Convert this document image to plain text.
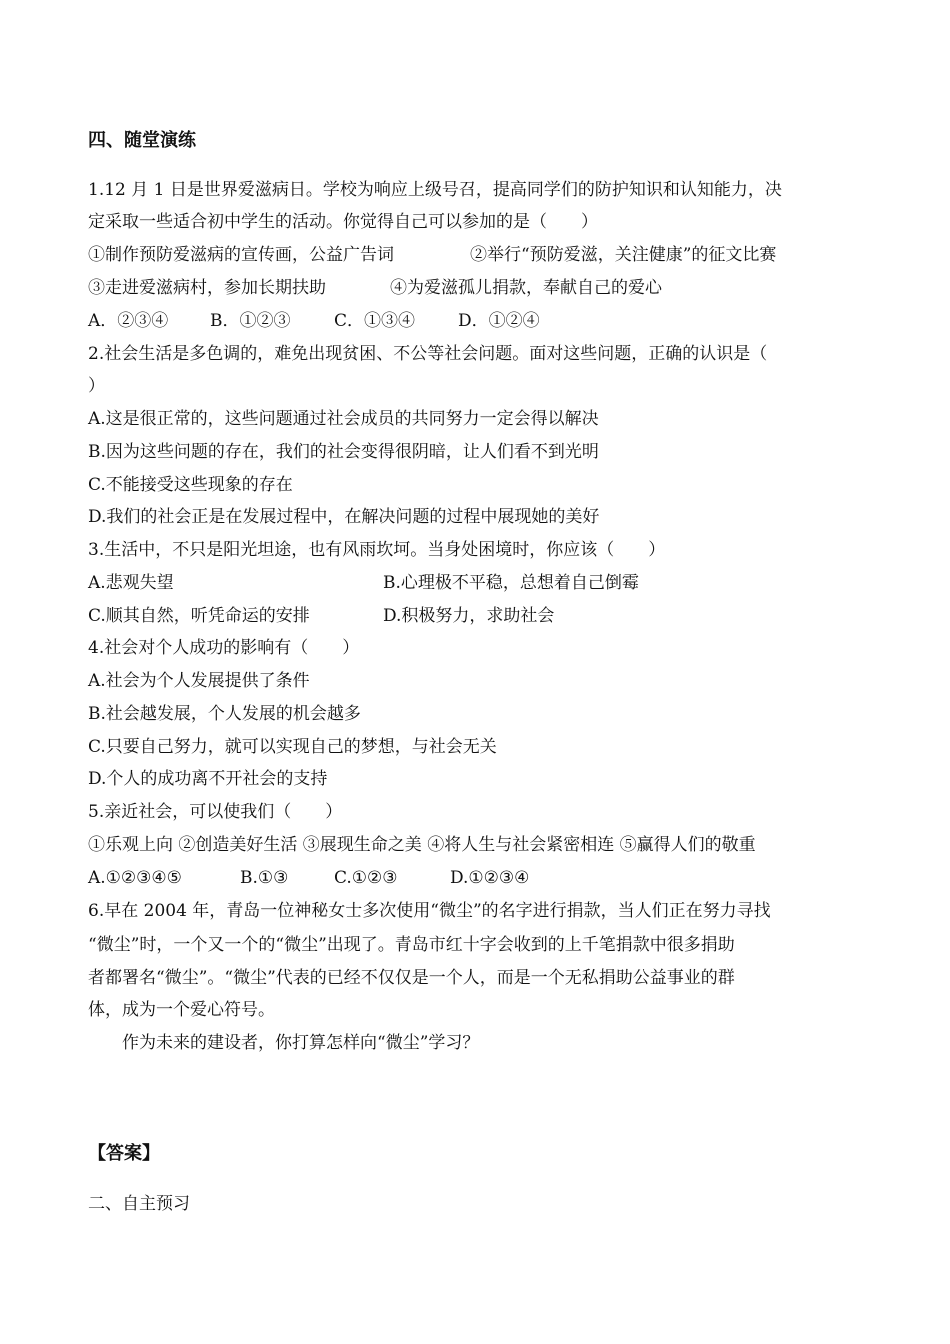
四、随堂演练
1.12 月 1 日是世界爱滋病日。学校为响应上级号召，提高同学们的防护知识和认知能力，决
定采取一些适合初中学生的活动。你觉得自己可以参加的是（　　）
①制作预防爱滋病的宣传画，公益广告词	②举行“预防爱滋，关注健康”的征文比赛
③走进爱滋病村，参加长期扶助	④为爱滋孤儿捐款，奉献自己的爱心
A．②③④ B．①②③	C．①③④	D．①②④
2.社会生活是多色调的，难免出现贫困、不公等社会问题。面对这些问题，正确的认识是（
）
A.这是很正常的，这些问题通过社会成员的共同努力一定会得以解决
B.因为这些问题的存在，我们的社会变得很阴暗，让人们看不到光明
C.不能接受这些现象的存在
D.我们的社会正是在发展过程中，在解决问题的过程中展现她的美好
3.生活中，不只是阳光坦途，也有风雨坎坷。当身处困境时，你应该（　　）
A.悲观失望	B.心理极不平稳，总想着自己倒霉
C.顺其自然，听凭命运的安排	D.积极努力，求助社会
4.社会对个人成功的影响有（　　）
A.社会为个人发展提供了条件
B.社会越发展，个人发展的机会越多
C.只要自己努力，就可以实现自己的梦想，与社会无关
D.个人的成功离不开社会的支持
5.亲近社会，可以使我们（　　）
①乐观上向 ②创造美好生活 ③展现生命之美 ④将人生与社会紧密相连 ⑤赢得人们的敬重
A.①②③④⑤	B.①③	C.①②③	D.①②③④
6.早在 2004 年，青岛一位神秘女士多次使用“微尘”的名字进行捐款，当人们正在努力寻找
“微尘”时，一个又一个的“微尘”出现了。青岛市红十字会收到的上千笔捐款中很多捐助
者都署名“微尘”。“微尘”代表的已经不仅仅是一个人，而是一个无私捐助公益事业的群
体，成为一个爱心符号。
作为未来的建设者，你打算怎样向“微尘”学习？
【答案】
二、自主预习
